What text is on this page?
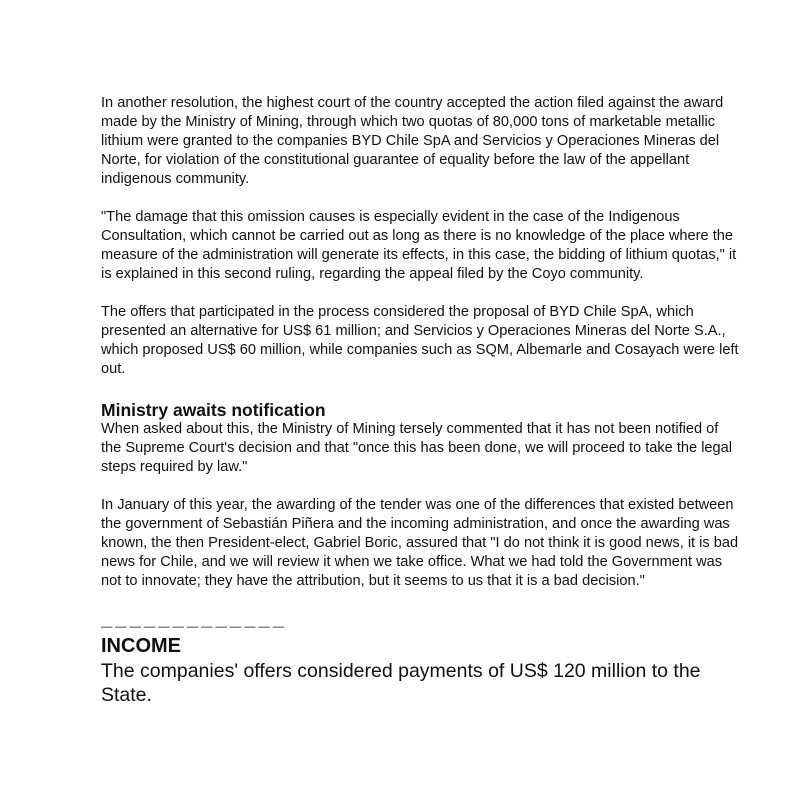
In another resolution, the highest court of the country accepted the action filed against the award made by the Ministry of Mining, through which two quotas of 80,000 tons of marketable metallic lithium were granted to the companies BYD Chile SpA and Servicios y Operaciones Mineras del Norte, for violation of the constitutional guarantee of equality before the law of the appellant indigenous community.

"The damage that this omission causes is especially evident in the case of the Indigenous Consultation, which cannot be carried out as long as there is no knowledge of the place where the measure of the administration will generate its effects, in this case, the bidding of lithium quotas," it is explained in this second ruling, regarding the appeal filed by the Coyo community.

The offers that participated in the process considered the proposal of BYD Chile SpA, which presented an alternative for US$ 61 million; and Servicios y Operaciones Mineras del Norte S.A., which proposed US$ 60 million, while companies such as SQM, Albemarle and Cosayach were left out.

Ministry awaits notification

When asked about this, the Ministry of Mining tersely commented that it has not been notified of the Supreme Court's decision and that "once this has been done, we will proceed to take the legal steps required by law."

In January of this year, the awarding of the tender was one of the differences that existed between the government of Sebastián Piñera and the incoming administration, and once the awarding was known, the then President-elect, Gabriel Boric, assured that "I do not think it is good news, it is bad news for Chile, and we will review it when we take office. What we had told the Government was not to innovate; they have the attribution, but it seems to us that it is a bad decision."

_____________
INCOME
The companies' offers considered payments of US$ 120 million to the State.
